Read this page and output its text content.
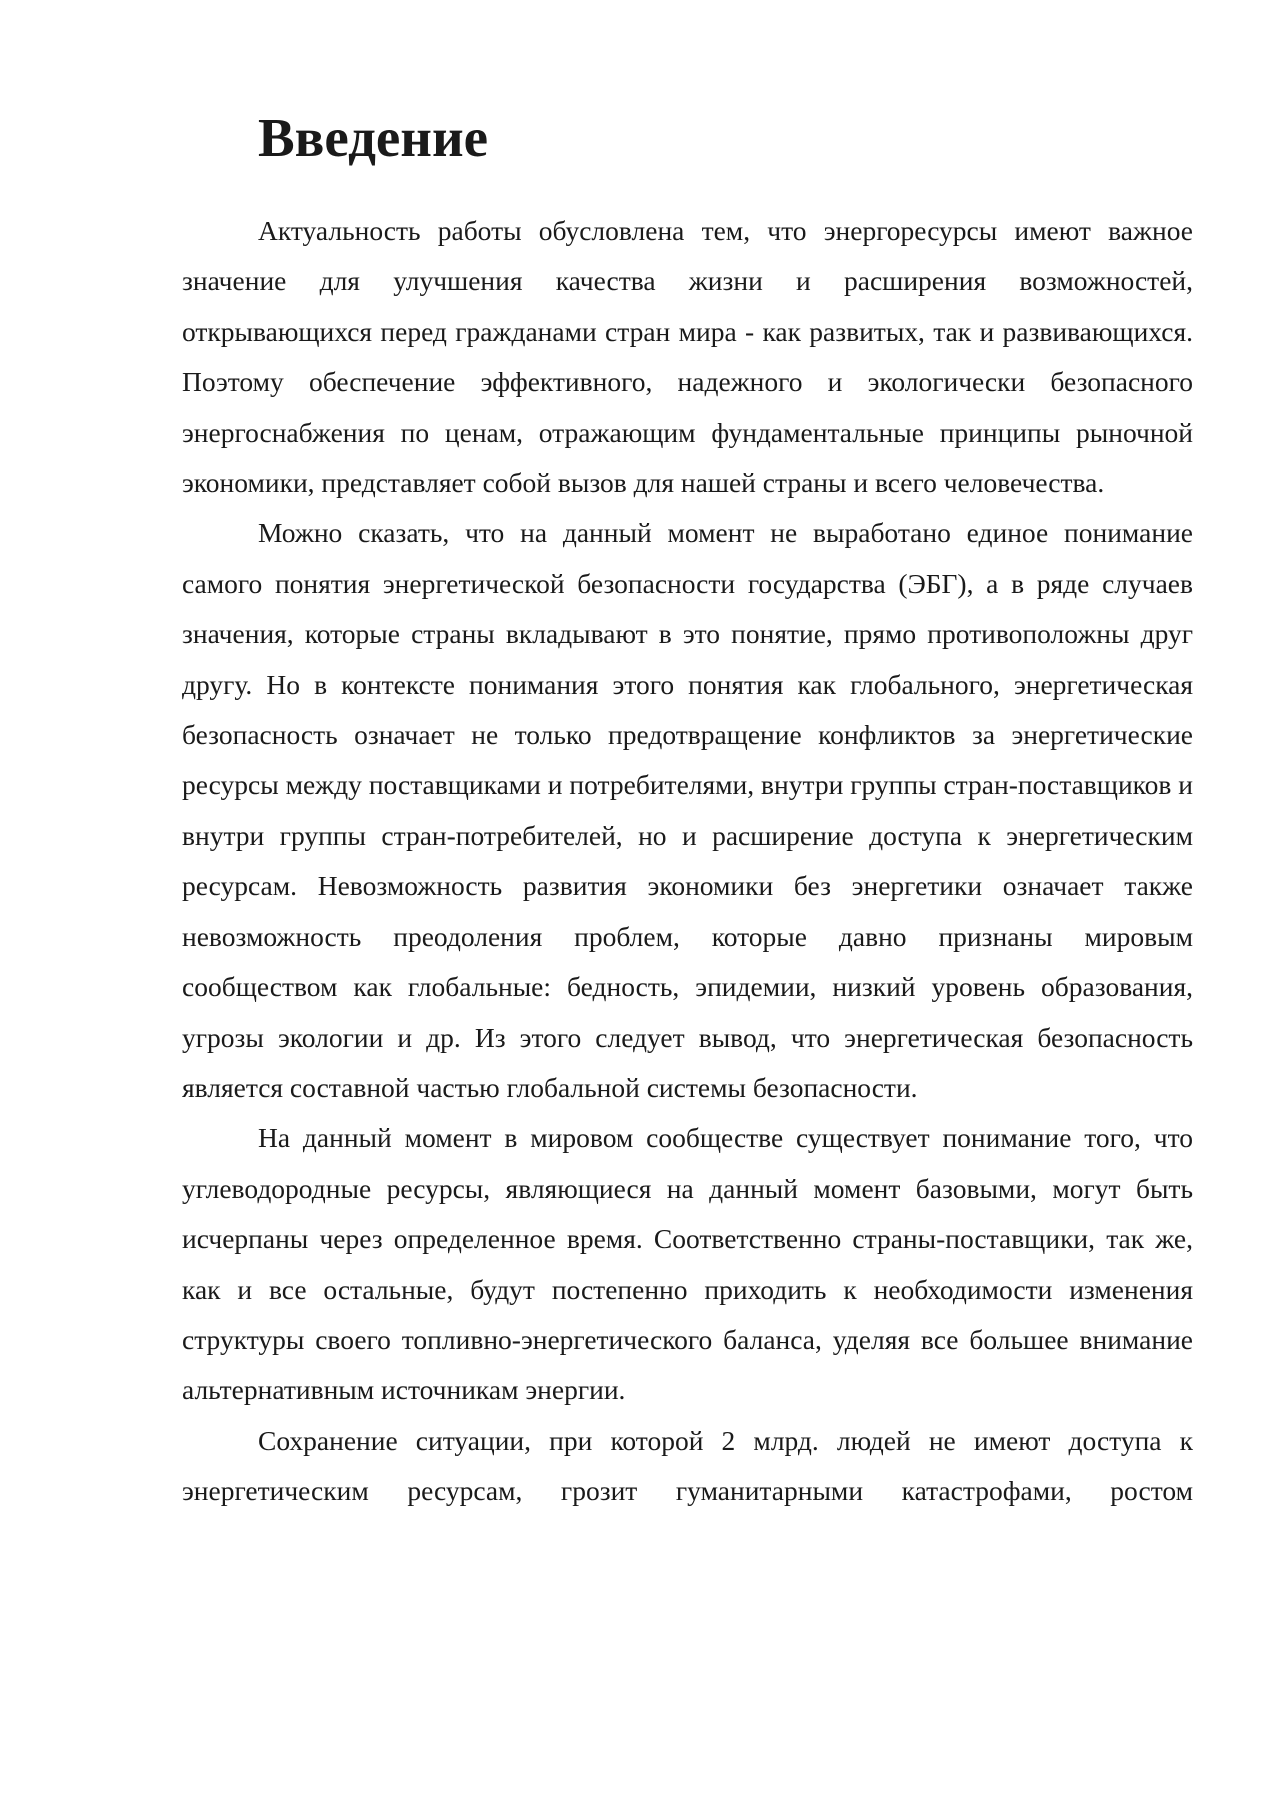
Введение

Актуальность работы обусловлена тем, что энергоресурсы имеют важное значение для улучшения качества жизни и расширения возможностей, открывающихся перед гражданами стран мира - как развитых, так и развивающихся. Поэтому обеспечение эффективного, надежного и экологически безопасного энергоснабжения по ценам, отражающим фундаментальные принципы рыночной экономики, представляет собой вызов для нашей страны и всего человечества.

Можно сказать, что на данный момент не выработано единое понимание самого понятия энергетической безопасности государства (ЭБГ), а в ряде случаев значения, которые страны вкладывают в это понятие, прямо противоположны друг другу. Но в контексте понимания этого понятия как глобального, энергетическая безопасность означает не только предотвращение конфликтов за энергетические ресурсы между поставщиками и потребителями, внутри группы стран-поставщиков и внутри группы стран-потребителей, но и расширение доступа к энергетическим ресурсам. Невозможность развития экономики без энергетики означает также невозможность преодоления проблем, которые давно признаны мировым сообществом как глобальные: бедность, эпидемии, низкий уровень образования, угрозы экологии и др. Из этого следует вывод, что энергетическая безопасность является составной частью глобальной системы безопасности.

На данный момент в мировом сообществе существует понимание того, что углеводородные ресурсы, являющиеся на данный момент базовыми, могут быть исчерпаны через определенное время. Соответственно страны-поставщики, так же, как и все остальные, будут постепенно приходить к необходимости изменения структуры своего топливно-энергетического баланса, уделяя все большее внимание альтернативным источникам энергии.

Сохранение ситуации, при которой 2 млрд. людей не имеют доступа к энергетическим ресурсам, грозит гуманитарными катастрофами, ростом
